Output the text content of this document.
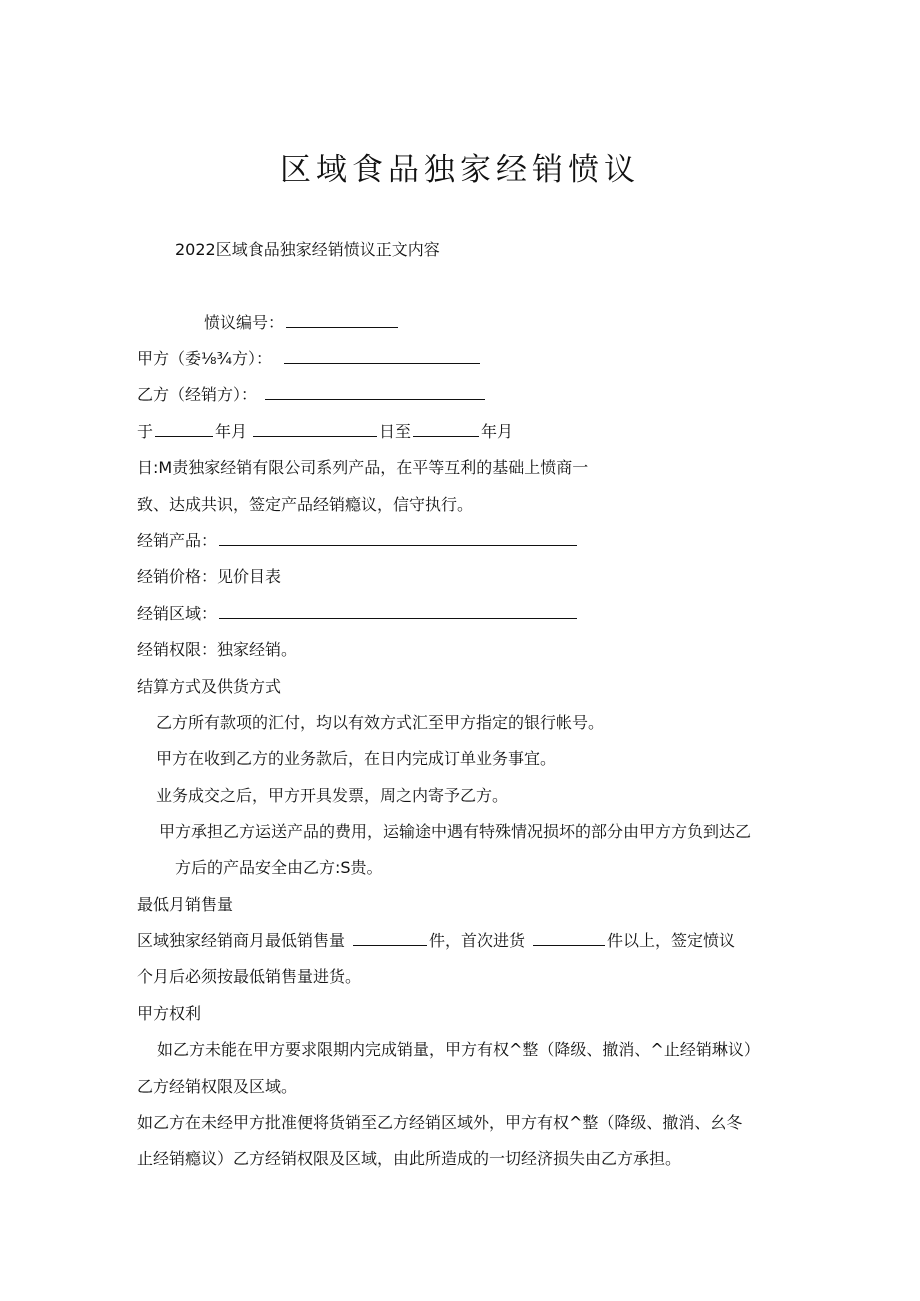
区域食品独家经销愤议
2022区域食品独家经销愤议正文内容
愤议编号：
甲方（委⅛¾方）：
乙方（经销方）：
于	年月	日至	年月
日:M责独家经销有限公司系列产品，在平等互利的基础上愤商一
致、达成共识，签定产品经销瘾议，信守执行。
经销产品：
经销价格：见价目表
经销区域：
经销权限：独家经销。
结算方式及供货方式
乙方所有款项的汇付，均以有效方式汇至甲方指定的银行帐号。
甲方在收到乙方的业务款后，在日内完成订单业务事宜。
业务成交之后，甲方开具发票，周之内寄予乙方。
甲方承担乙方运送产品的费用，运输途中遇有特殊情况损坏的部分由甲方方负到达乙
方后的产品安全由乙方:S贵。
最低月销售量
区域独家经销商月最低销售量	件，首次进货	件以上，签定愤议
个月后必须按最低销售量进货。
甲方权利
如乙方未能在甲方要求限期内完成销量，甲方有权^整（降级、撤消、^止经销琳议）
乙方经销权限及区域。
如乙方在未经甲方批准便将货销至乙方经销区域外，甲方有权^整（降级、撤消、幺冬
止经销瘾议）乙方经销权限及区域，由此所造成的一切经济损失由乙方承担。
